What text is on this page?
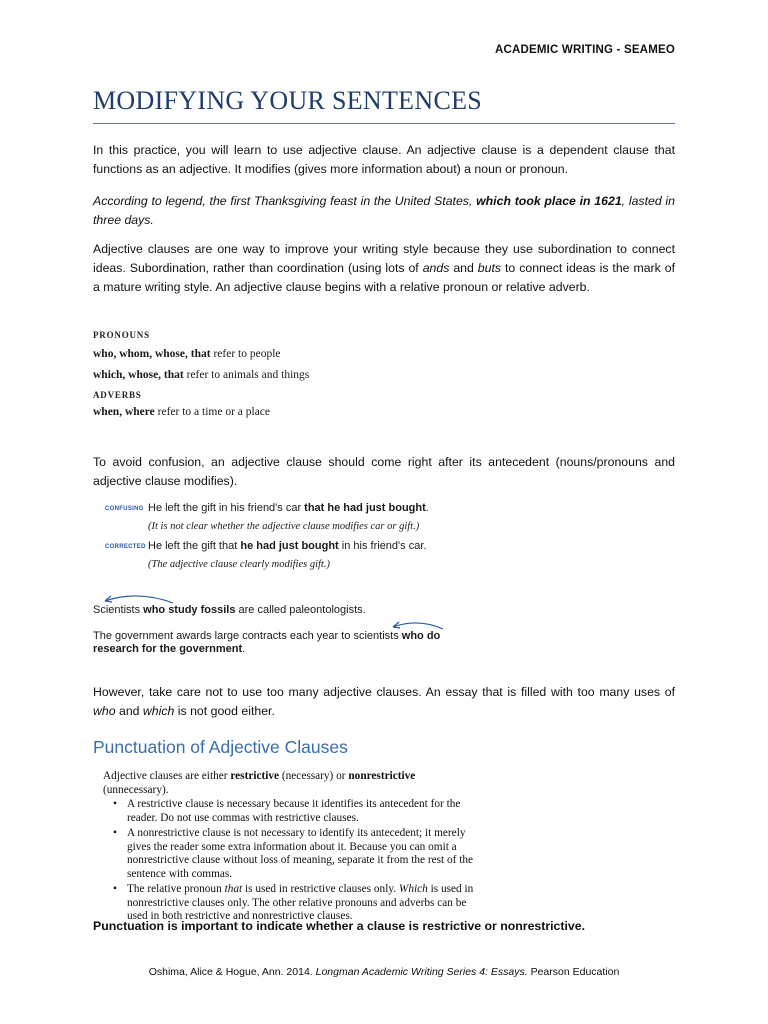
ACADEMIC WRITING - SEAMEO
MODIFYING YOUR SENTENCES

In this practice, you will learn to use adjective clause. An adjective clause is a dependent clause that functions as an adjective. It modifies (gives more information about) a noun or pronoun.

According to legend, the first Thanksgiving feast in the United States, which took place in 1621, lasted in three days.

Adjective clauses are one way to improve your writing style because they use subordination to connect ideas. Subordination, rather than coordination (using lots of ands and buts to connect ideas is the mark of a mature writing style. An adjective clause begins with a relative pronoun or relative adverb.

PRONOUNS

who, whom, whose, that refer to people

which, whose, that refer to animals and things

ADVERBS

when, where refer to a time or a place

To avoid confusion, an adjective clause should come right after its antecedent (nouns/pronouns and adjective clause modifies).

CONFUSING He left the gift in his friend's car that he had just bought.

(It is not clear whether the adjective clause modifies car or gift.)

CORRECTED He left the gift that he had just bought in his friend's car.

(The adjective clause clearly modifies gift.)

Scientists who study fossils are called paleontologists.

The government awards large contracts each year to scientists who do research for the government.

However, take care not to use too many adjective clauses. An essay that is filled with too many uses of who and which is not good either.

Punctuation of Adjective Clauses

Adjective clauses are either restrictive (necessary) or nonrestrictive (unnecessary).

• A restrictive clause is necessary because it identifies its antecedent for the reader. Do not use commas with restrictive clauses.
• A nonrestrictive clause is not necessary to identify its antecedent; it merely gives the reader some extra information about it. Because you can omit a nonrestrictive clause without loss of meaning, separate it from the rest of the sentence with commas.
• The relative pronoun that is used in restrictive clauses only. Which is used in nonrestrictive clauses only. The other relative pronouns and adverbs can be used in both restrictive and nonrestrictive clauses.

Punctuation is important to indicate whether a clause is restrictive or nonrestrictive.

Oshima, Alice & Hogue, Ann. 2014. Longman Academic Writing Series 4: Essays. Pearson Education
